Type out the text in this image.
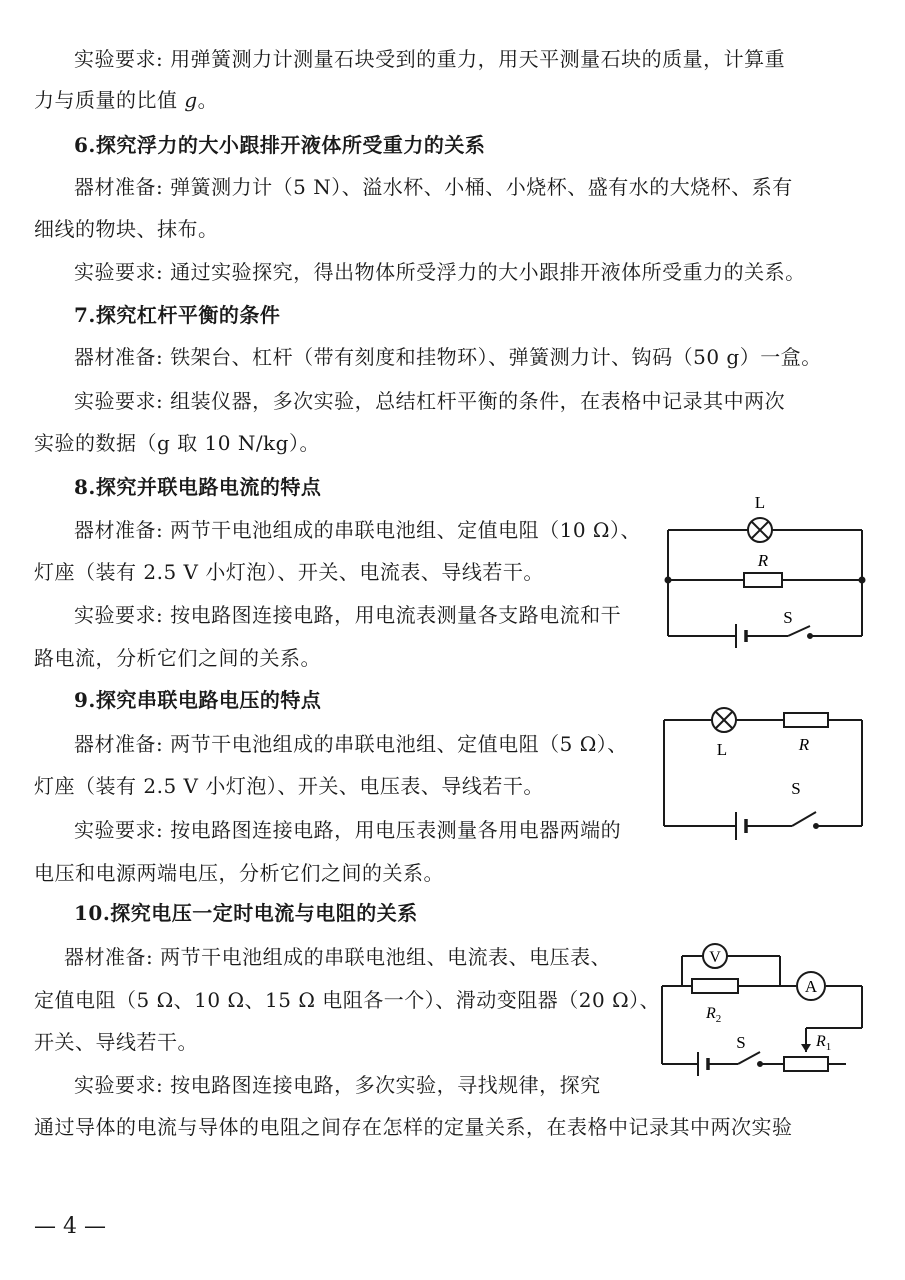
实验要求: 用弹簧测力计测量石块受到的重力，用天平测量石块的质量，计算重
力与质量的比值 g。
6.探究浮力的大小跟排开液体所受重力的关系
器材准备: 弹簧测力计（5 N）、溢水杯、小桶、小烧杯、盛有水的大烧杯、系有
细线的物块、抹布。
实验要求: 通过实验探究，得出物体所受浮力的大小跟排开液体所受重力的关系。
7.探究杠杆平衡的条件
器材准备: 铁架台、杠杆（带有刻度和挂物环）、弹簧测力计、钩码（50 g）一盒。
实验要求: 组装仪器，多次实验，总结杠杆平衡的条件，在表格中记录其中两次
实验的数据（g 取 10 N/kg）。
8.探究并联电路电流的特点
器材准备: 两节干电池组成的串联电池组、定值电阻（10 Ω）、
灯座（装有 2.5 V 小灯泡）、开关、电流表、导线若干。
实验要求: 按电路图连接电路，用电流表测量各支路电流和干
路电流，分析它们之间的关系。
L
R
S
9.探究串联电路电压的特点
器材准备: 两节干电池组成的串联电池组、定值电阻（5 Ω）、
灯座（装有 2.5 V 小灯泡）、开关、电压表、导线若干。
实验要求: 按电路图连接电路，用电压表测量各用电器两端的
电压和电源两端电压，分析它们之间的关系。
L	R
S
10.探究电压一定时电流与电阻的关系
器材准备: 两节干电池组成的串联电池组、电流表、电压表、
定值电阻（5 Ω、10 Ω、15 Ω 电阻各一个）、滑动变阻器（20 Ω）、
开关、导线若干。
实验要求: 按电路图连接电路，多次实验，寻找规律，探究
通过导体的电流与导体的电阻之间存在怎样的定量关系，在表格中记录其中两次实验
V
$R_2$
A
S	$R_1$
— 4 —
